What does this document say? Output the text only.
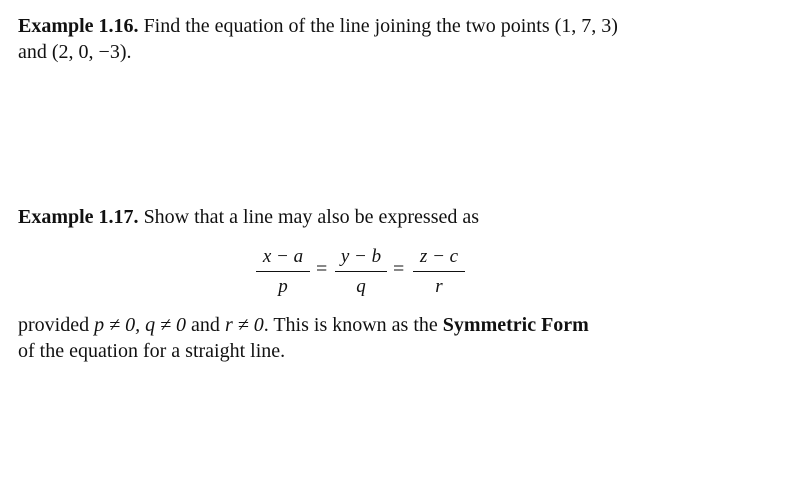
Example 1.16. Find the equation of the line joining the two points (1, 7, 3)
and (2, 0, −3).
Example 1.17. Show that a line may also be expressed as
x − a
p
=
y − b
q
=
z − c
r
provided p ≠ 0, q ≠ 0 and r ≠ 0. This is known as the Symmetric Form
of the equation for a straight line.
